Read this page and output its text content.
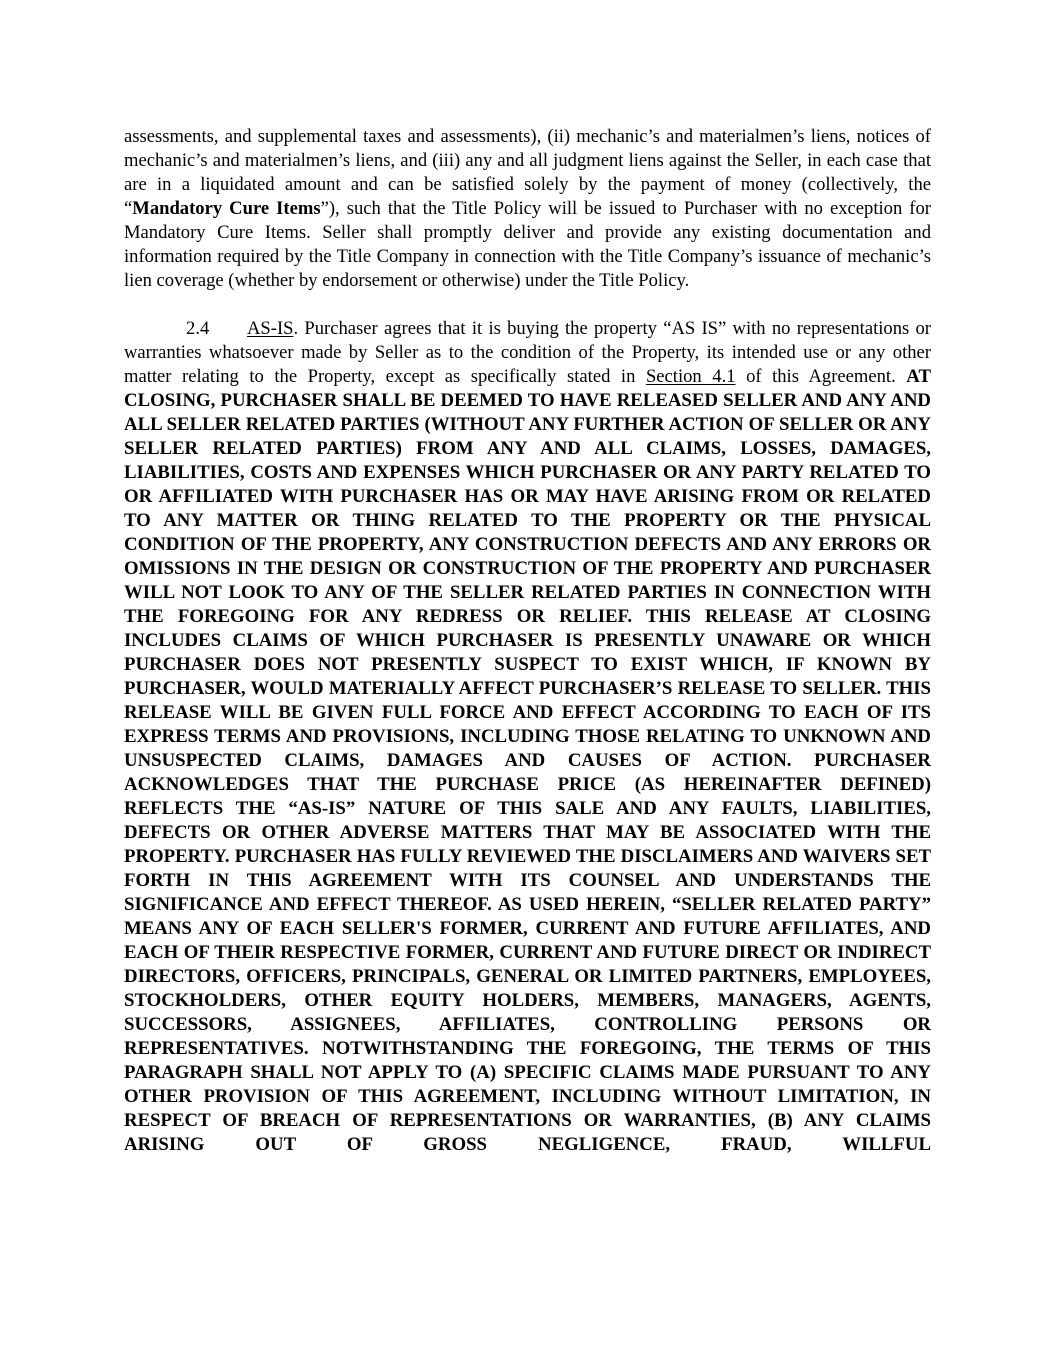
assessments, and supplemental taxes and assessments), (ii) mechanic’s and materialmen’s liens, notices of mechanic’s and materialmen’s liens, and (iii) any and all judgment liens against the Seller, in each case that are in a liquidated amount and can be satisfied solely by the payment of money (collectively, the “Mandatory Cure Items”), such that the Title Policy will be issued to Purchaser with no exception for Mandatory Cure Items. Seller shall promptly deliver and provide any existing documentation and information required by the Title Company in connection with the Title Company’s issuance of mechanic’s lien coverage (whether by endorsement or otherwise) under the Title Policy.

2.4 AS-IS. Purchaser agrees that it is buying the property “AS IS” with no representations or warranties whatsoever made by Seller as to the condition of the Property, its intended use or any other matter relating to the Property, except as specifically stated in Section 4.1 of this Agreement. AT CLOSING, PURCHASER SHALL BE DEEMED TO HAVE RELEASED SELLER AND ANY AND ALL SELLER RELATED PARTIES (WITHOUT ANY FURTHER ACTION OF SELLER OR ANY SELLER RELATED PARTIES) FROM ANY AND ALL CLAIMS, LOSSES, DAMAGES, LIABILITIES, COSTS AND EXPENSES WHICH PURCHASER OR ANY PARTY RELATED TO OR AFFILIATED WITH PURCHASER HAS OR MAY HAVE ARISING FROM OR RELATED TO ANY MATTER OR THING RELATED TO THE PROPERTY OR THE PHYSICAL CONDITION OF THE PROPERTY, ANY CONSTRUCTION DEFECTS AND ANY ERRORS OR OMISSIONS IN THE DESIGN OR CONSTRUCTION OF THE PROPERTY AND PURCHASER WILL NOT LOOK TO ANY OF THE SELLER RELATED PARTIES IN CONNECTION WITH THE FOREGOING FOR ANY REDRESS OR RELIEF. THIS RELEASE AT CLOSING INCLUDES CLAIMS OF WHICH PURCHASER IS PRESENTLY UNAWARE OR WHICH PURCHASER DOES NOT PRESENTLY SUSPECT TO EXIST WHICH, IF KNOWN BY PURCHASER, WOULD MATERIALLY AFFECT PURCHASER’S RELEASE TO SELLER. THIS RELEASE WILL BE GIVEN FULL FORCE AND EFFECT ACCORDING TO EACH OF ITS EXPRESS TERMS AND PROVISIONS, INCLUDING THOSE RELATING TO UNKNOWN AND UNSUSPECTED CLAIMS, DAMAGES AND CAUSES OF ACTION. PURCHASER ACKNOWLEDGES THAT THE PURCHASE PRICE (AS HEREINAFTER DEFINED) REFLECTS THE “AS-IS” NATURE OF THIS SALE AND ANY FAULTS, LIABILITIES, DEFECTS OR OTHER ADVERSE MATTERS THAT MAY BE ASSOCIATED WITH THE PROPERTY. PURCHASER HAS FULLY REVIEWED THE DISCLAIMERS AND WAIVERS SET FORTH IN THIS AGREEMENT WITH ITS COUNSEL AND UNDERSTANDS THE SIGNIFICANCE AND EFFECT THEREOF. AS USED HEREIN, “SELLER RELATED PARTY” MEANS ANY OF EACH SELLER'S FORMER, CURRENT AND FUTURE AFFILIATES, AND EACH OF THEIR RESPECTIVE FORMER, CURRENT AND FUTURE DIRECT OR INDIRECT DIRECTORS, OFFICERS, PRINCIPALS, GENERAL OR LIMITED PARTNERS, EMPLOYEES, STOCKHOLDERS, OTHER EQUITY HOLDERS, MEMBERS, MANAGERS, AGENTS, SUCCESSORS, ASSIGNEES, AFFILIATES, CONTROLLING PERSONS OR REPRESENTATIVES. NOTWITHSTANDING THE FOREGOING, THE TERMS OF THIS PARAGRAPH SHALL NOT APPLY TO (A) SPECIFIC CLAIMS MADE PURSUANT TO ANY OTHER PROVISION OF THIS AGREEMENT, INCLUDING WITHOUT LIMITATION, IN RESPECT OF BREACH OF REPRESENTATIONS OR WARRANTIES, (B) ANY CLAIMS ARISING OUT OF GROSS NEGLIGENCE, FRAUD, WILLFUL
